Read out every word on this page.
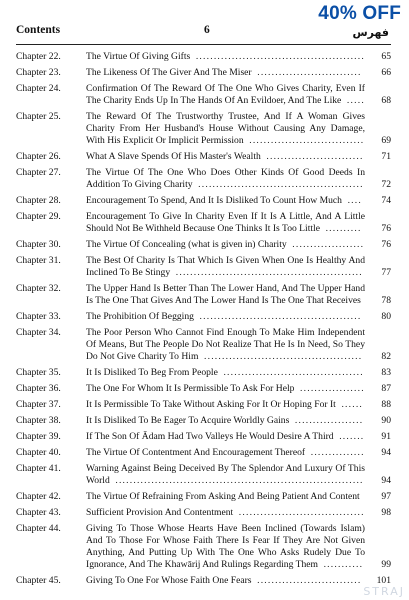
Contents	6	فهرس
40% OFF
Chapter 22.	The Virtue Of Giving Gifts ...............................................	65
Chapter 23.	The Likeness Of The Giver And The Miser .............................	66
Chapter 24.	Confirmation Of The Reward Of The One Who Gives Charity, Even If The Charity Ends Up In The Hands Of An Evildoer, And The Like .....	68
Chapter 25.	The Reward Of The Trustworthy Trustee, And If A Woman Gives Charity From Her Husband's House Without Causing Any Damage, With His Explicit Or Implicit Permission ................................	69
Chapter 26.	What A Slave Spends Of His Master's Wealth ...........................	71
Chapter 27.	The Virtue Of The One Who Does Other Kinds Of Good Deeds In Addition To Giving Charity ..............................................	72
Chapter 28.	Encouragement To Spend, And It Is Disliked To Count How Much ....	74
Chapter 29.	Encouragement To Give In Charity Even If It Is A Little, And A Little Should Not Be Withheld Because One Thinks It Is Too Little ..........	76
Chapter 30.	The Virtue Of Concealing (what is given in) Charity ....................	76
Chapter 31.	The Best Of Charity Is That Which Is Given When One Is Healthy And Inclined To Be Stingy ....................................................	77
Chapter 32.	The Upper Hand Is Better Than The Lower Hand, And The Upper Hand Is The One That Gives And The Lower Hand Is The One That Receives	78
Chapter 33.	The Prohibition Of Begging .............................................	80
Chapter 34.	The Poor Person Who Cannot Find Enough To Make Him Independent Of Means, But The People Do Not Realize That He Is In Need, So They Do Not Give Charity To Him ............................................	82
Chapter 35.	It Is Disliked To Beg From People .......................................	83
Chapter 36.	The One For Whom It Is Permissible To Ask For Help ..................	87
Chapter 37.	It Is Permissible To Take Without Asking For It Or Hoping For It ......	88
Chapter 38.	It Is Disliked To Be Eager To Acquire Worldly Gains ...................	90
Chapter 39.	If The Son Of Ādam Had Two Valleys He Would Desire A Third .......	91
Chapter 40.	The Virtue Of Contentment And Encouragement Thereof ...............	94
Chapter 41.	Warning Against Being Deceived By The Splendor And Luxury Of This World .....................................................................	94
Chapter 42.	The Virtue Of Refraining From Asking And Being Patient And Content	97
Chapter 43.	Sufficient Provision And Contentment ...................................	98
Chapter 44.	Giving To Those Whose Hearts Have Been Inclined (Towards Islam) And To Those For Whose Faith There Is Fear If They Are Not Given Anything, And Putting Up With The One Who Asks Rudely Due To Ignorance, And The Khawārij And Rulings Regarding Them ...........	99
Chapter 45.	Giving To One For Whose Faith One Fears .............................	101
STRAJ
